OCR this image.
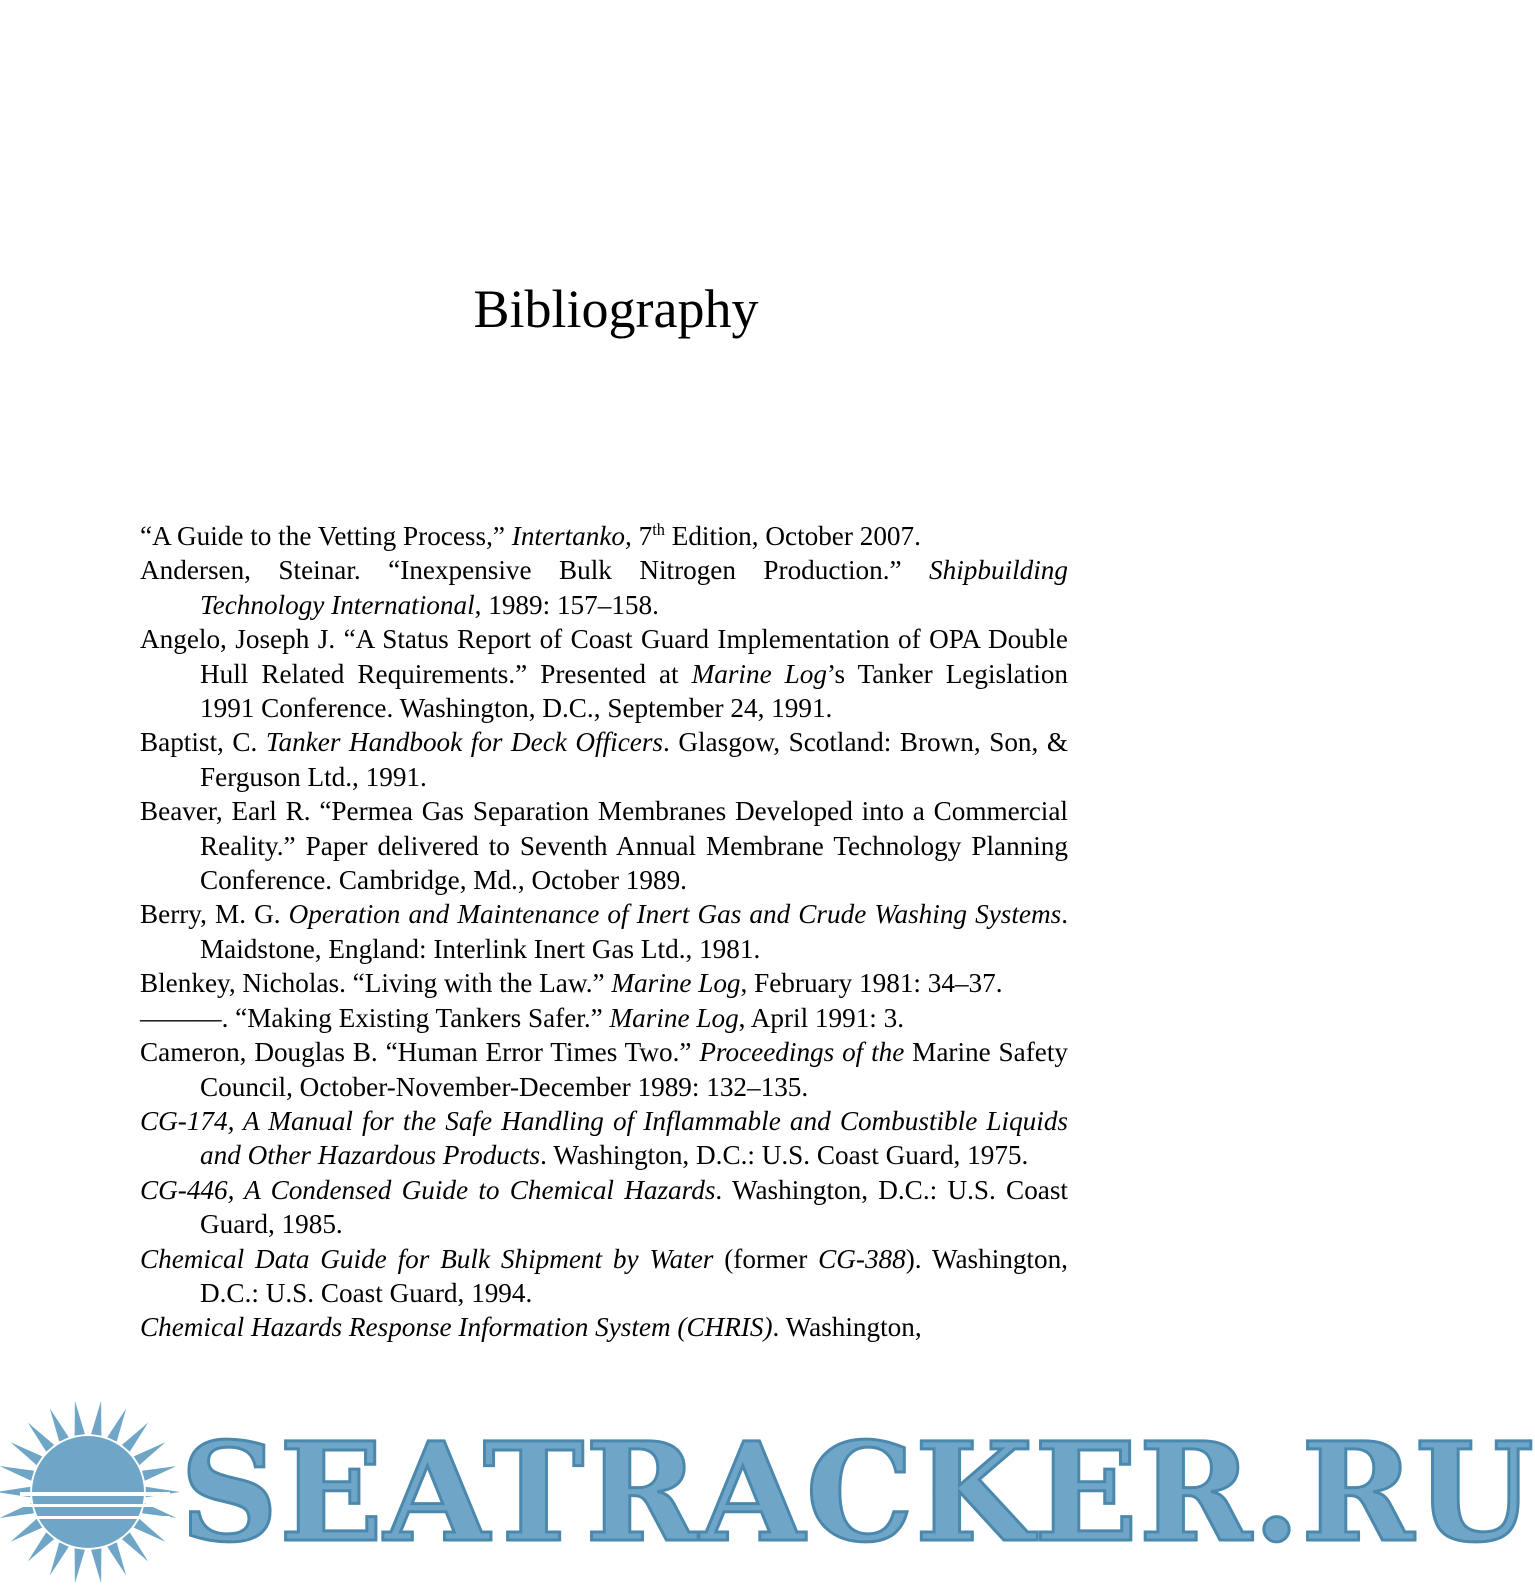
Bibliography
“A Guide to the Vetting Process,” Intertanko, 7th Edition, October 2007.
Andersen, Steinar. “Inexpensive Bulk Nitrogen Production.” Shipbuilding Technology International, 1989: 157–158.
Angelo, Joseph J. “A Status Report of Coast Guard Implementation of OPA Double Hull Related Requirements.” Presented at Marine Log’s Tanker Legislation 1991 Conference. Washington, D.C., September 24, 1991.
Baptist, C. Tanker Handbook for Deck Officers. Glasgow, Scotland: Brown, Son, & Ferguson Ltd., 1991.
Beaver, Earl R. “Permea Gas Separation Membranes Developed into a Commercial Reality.” Paper delivered to Seventh Annual Membrane Technology Planning Conference. Cambridge, Md., October 1989.
Berry, M. G. Operation and Maintenance of Inert Gas and Crude Washing Systems. Maidstone, England: Interlink Inert Gas Ltd., 1981.
Blenkey, Nicholas. “Living with the Law.” Marine Log, February 1981: 34–37.
———. “Making Existing Tankers Safer.” Marine Log, April 1991: 3.
Cameron, Douglas B. “Human Error Times Two.” Proceedings of the Marine Safety Council, October-November-December 1989: 132–135.
CG-174, A Manual for the Safe Handling of Inflammable and Combustible Liquids and Other Hazardous Products. Washington, D.C.: U.S. Coast Guard, 1975.
CG-446, A Condensed Guide to Chemical Hazards. Washington, D.C.: U.S. Coast Guard, 1985.
Chemical Data Guide for Bulk Shipment by Water (former CG-388). Washington, D.C.: U.S. Coast Guard, 1994.
Chemical Hazards Response Information System (CHRIS). Washington,
SEATRACKER.RU
